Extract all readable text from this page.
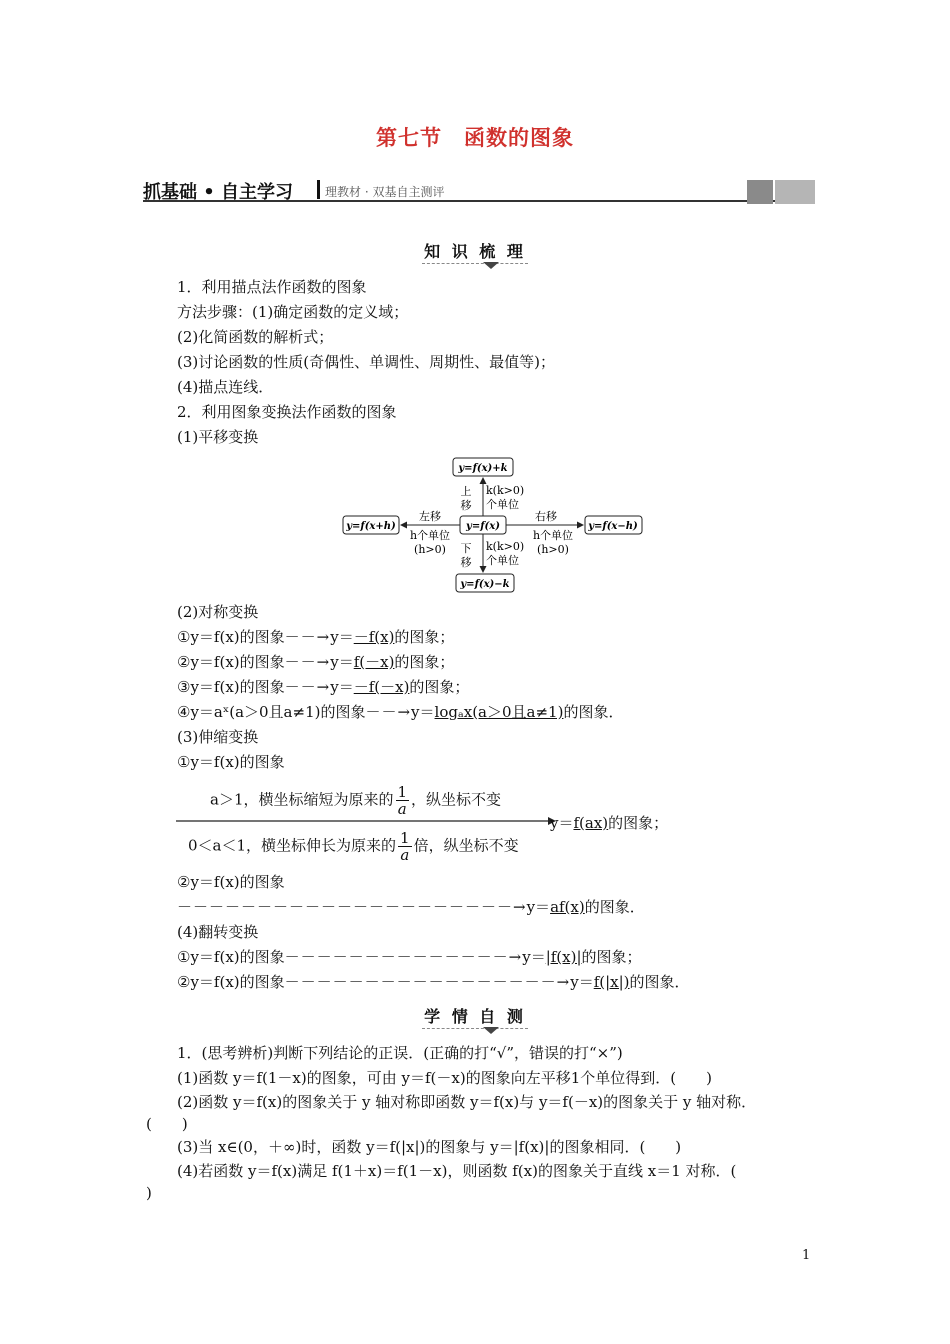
第七节　函数的图象
抓基础 • 自主学习	理教材 · 双基自主测评
知 识 梳 理
1．利用描点法作函数的图象
方法步骤：(1)确定函数的定义域；
(2)化简函数的解析式；
(3)讨论函数的性质(奇偶性、单调性、周期性、最值等)；
(4)描点连线．
2．利用图象变换法作函数的图象
(1)平移变换
y=f(x)+k
y=f(x)−k
y=f(x)
y=f(x+h)	y=f(x−h)
上
移
k(k>0)
个单位
下
移
k(k>0)
个单位
左移
h个单位
(h>0)
右移
h个单位
(h>0)
(2)对称变换
①y＝f(x)的图象－－→y＝－f(x)的图象；
②y＝f(x)的图象－－→y＝f(－x)的图象；
③y＝f(x)的图象－－→y＝－f(－x)的图象；
④y＝aˣ(a＞0且a≠1)的图象－－→y＝logₐx(a＞0且a≠1)的图象．
(3)伸缩变换
①y＝f(x)的图象
a＞1，横坐标缩短为原来的 $\frac{1}{a}$ ，纵坐标不变
y＝f(ax)的图象；
0＜a＜1，横坐标伸长为原来的 $\frac{1}{a}$ 倍，纵坐标不变
②y＝f(x)的图象
－－－－－－－－－－－－－－－－－－－－－→y＝af(x)的图象．
(4)翻转变换
①y＝f(x)的图象－－－－－－－－－－－－－－→y＝|f(x)|的图象；
②y＝f(x)的图象－－－－－－－－－－－－－－－－－→y＝f(|x|)的图象．
学 情 自 测
1．(思考辨析)判断下列结论的正误．(正确的打“√”，错误的打“×”)
(1)函数 y＝f(1－x)的图象，可由 y＝f(－x)的图象向左平移1个单位得到．(　　)
(2)函数 y＝f(x)的图象关于 y 轴对称即函数 y＝f(x)与 y＝f(－x)的图象关于 y 轴对称．
(　　)
(3)当 x∈(0，＋∞)时，函数 y＝f(|x|)的图象与 y＝|f(x)|的图象相同．(　　)
(4)若函数 y＝f(x)满足 f(1＋x)＝f(1－x)，则函数 f(x)的图象关于直线 x＝1 对称．(
)
1
